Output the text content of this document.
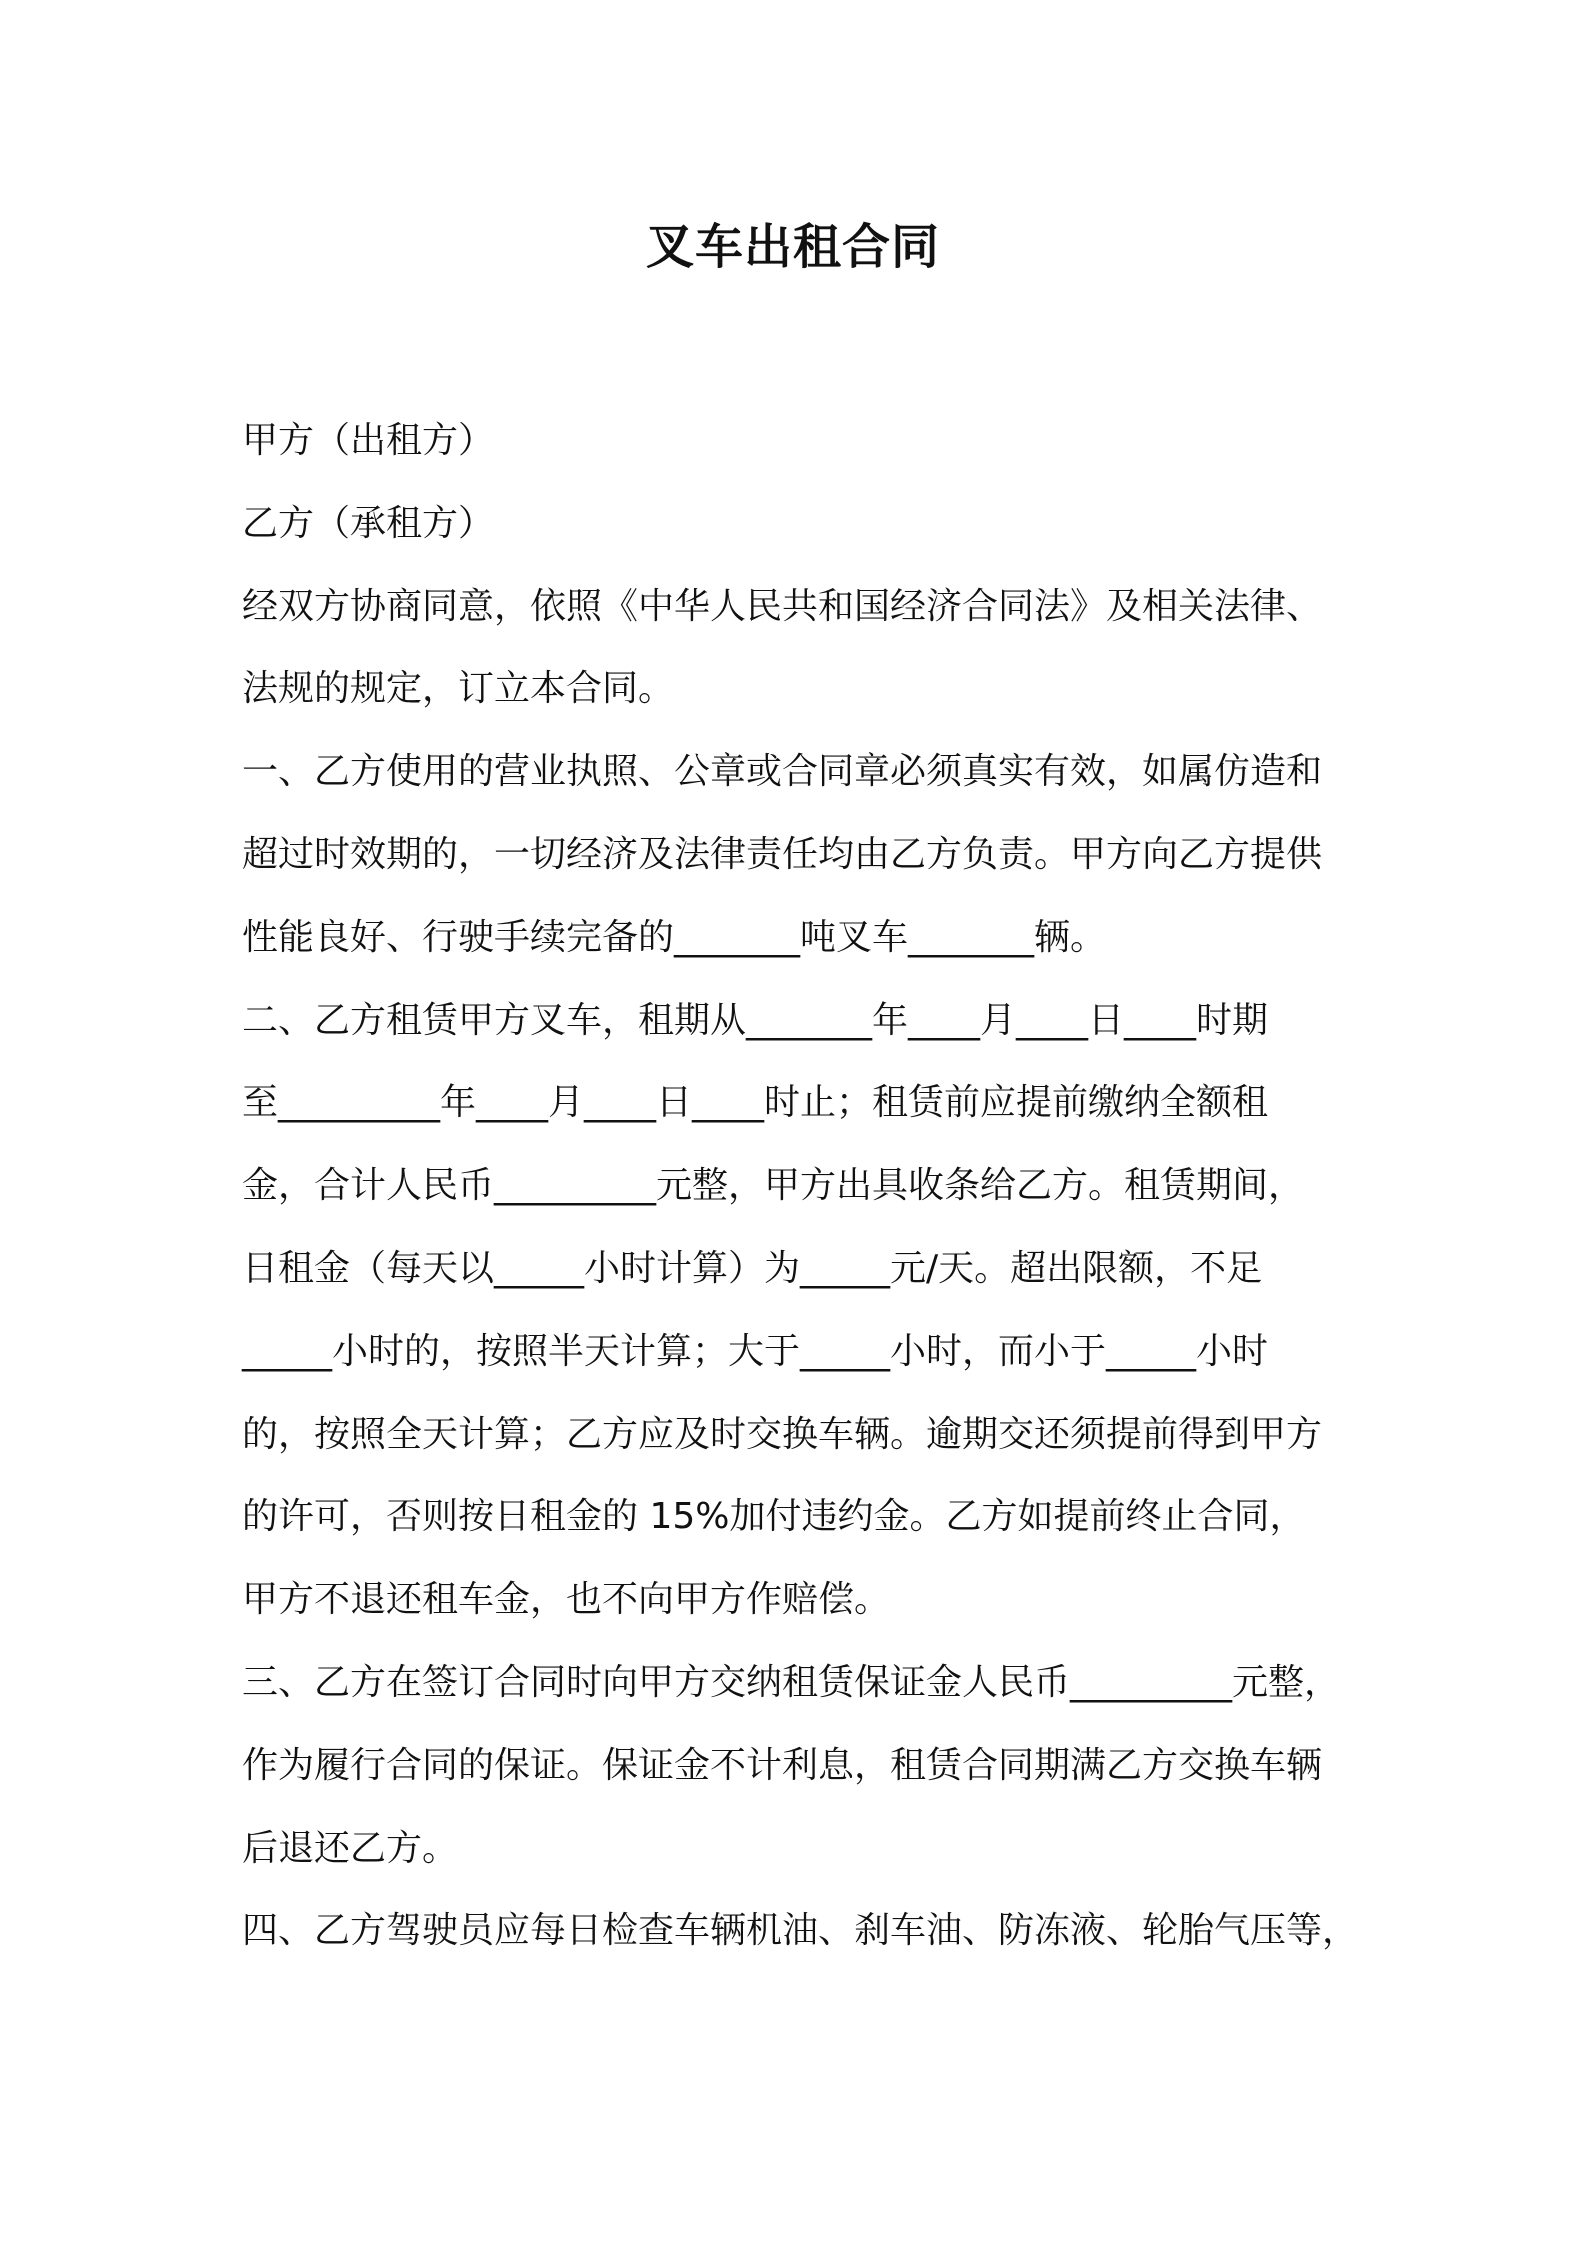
叉车出租合同

甲方（出租方）

乙方（承租方）

经双方协商同意，依照《中华人民共和国经济合同法》及相关法律、

法规的规定，订立本合同。

一、乙方使用的营业执照、公章或合同章必须真实有效，如属仿造和

超过时效期的，一切经济及法律责任均由乙方负责。甲方向乙方提供

性能良好、行驶手续完备的_______吨叉车_______辆。

二、乙方租赁甲方叉车，租期从_______年____月____日____时期

至_________年____月____日____时止；租赁前应提前缴纳全额租

金，合计人民币_________元整，甲方出具收条给乙方。租赁期间，

日租金（每天以_____小时计算）为_____元/天。超出限额，不足

_____小时的，按照半天计算；大于_____小时，而小于_____小时

的，按照全天计算；乙方应及时交换车辆。逾期交还须提前得到甲方

的许可，否则按日租金的 15%加付违约金。乙方如提前终止合同，

甲方不退还租车金，也不向甲方作赔偿。

三、乙方在签订合同时向甲方交纳租赁保证金人民币_________元整，

作为履行合同的保证。保证金不计利息，租赁合同期满乙方交换车辆

后退还乙方。

四、乙方驾驶员应每日检查车辆机油、刹车油、防冻液、轮胎气压等，
